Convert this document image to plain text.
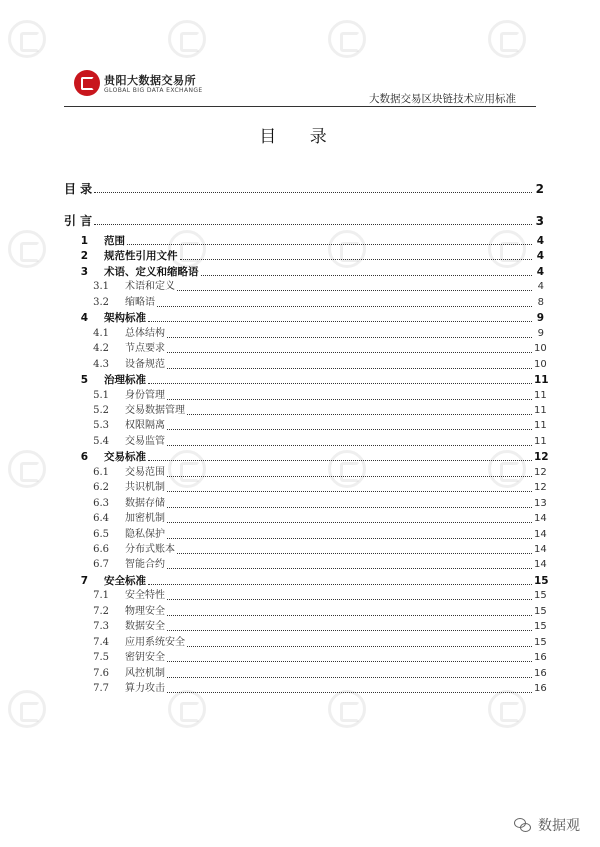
贵阳大数据交易所
GLOBAL BIG DATA EXCHANGE
大数据交易区块链技术应用标准
目 录
目 录	2
引 言	3
1 范围	4
2 规范性引用文件	4
3 术语、定义和缩略语	4
3.1 术语和定义	4
3.2 缩略语	8
4 架构标准	9
4.1 总体结构	9
4.2 节点要求	10
4.3 设备规范	10
5 治理标准	11
5.1 身份管理	11
5.2 交易数据管理	11
5.3 权限隔离	11
5.4 交易监管	11
6 交易标准	12
6.1 交易范围	12
6.2 共识机制	12
6.3 数据存储	13
6.4 加密机制	14
6.5 隐私保护	14
6.6 分布式账本	14
6.7 智能合约	14
7 安全标准	15
7.1 安全特性	15
7.2 物理安全	15
7.3 数据安全	15
7.4 应用系统安全	15
7.5 密钥安全	16
7.6 风控机制	16
7.7 算力攻击	16
数据观
